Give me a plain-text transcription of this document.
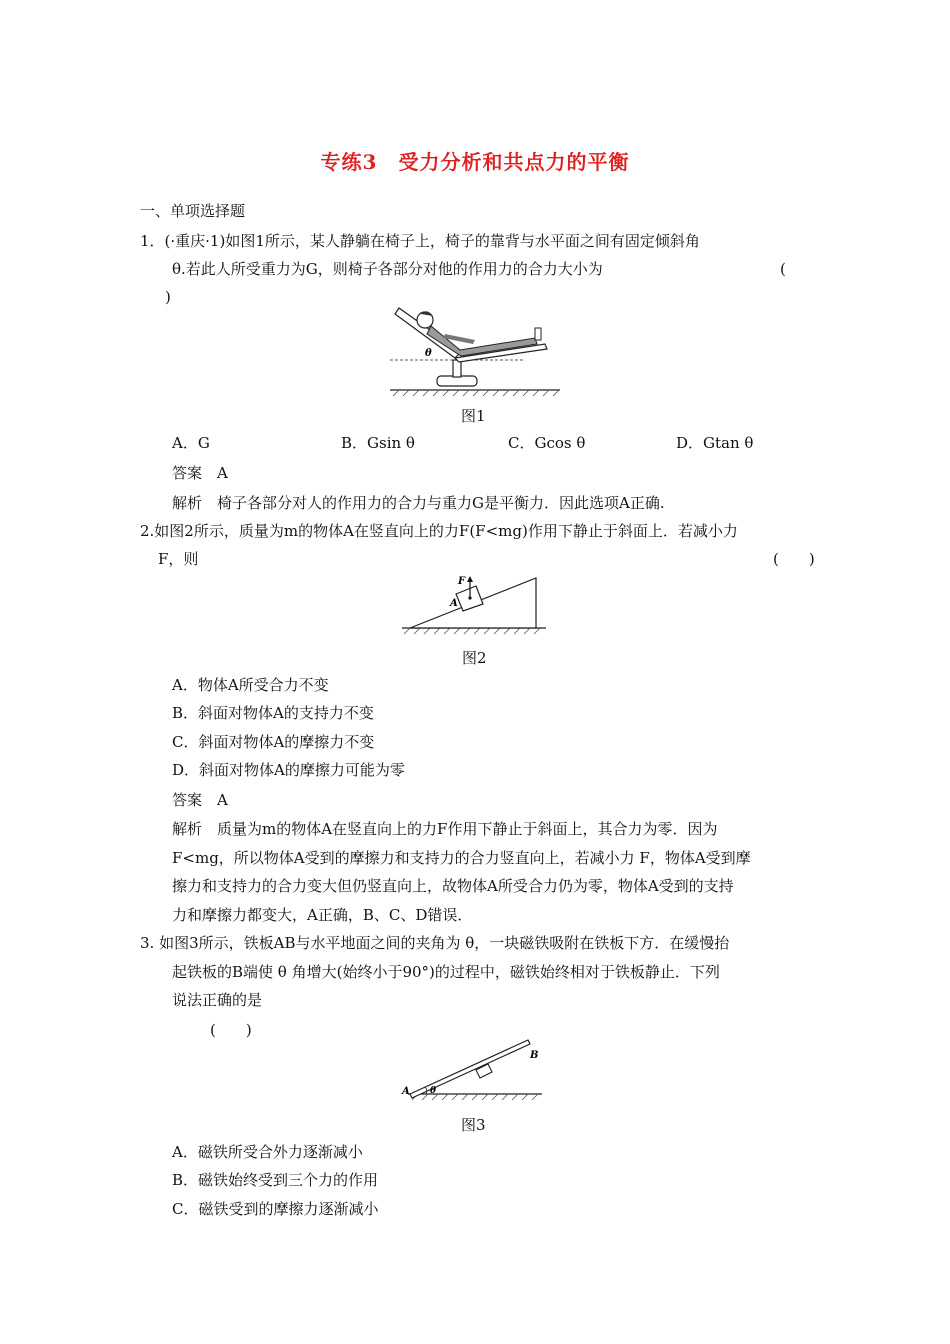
专练3　受力分析和共点力的平衡
一、单项选择题
1．(·重庆·1)如图1所示，某人静躺在椅子上，椅子的靠背与水平面之间有固定倾斜角
θ.若此人所受重力为G，则椅子各部分对他的作用力的合力大小为	(
)
θ
图1
A．G	B．Gsin θ	C．Gcos θ	D．Gtan θ
答案　A
解析　椅子各部分对人的作用力的合力与重力G是平衡力．因此选项A正确.
2.如图2所示，质量为m的物体A在竖直向上的力F(F<mg)作用下静止于斜面上．若减小力
F，则	(　　)
F
A
图2
A．物体A所受合力不变
B．斜面对物体A的支持力不变
C．斜面对物体A的摩擦力不变
D．斜面对物体A的摩擦力可能为零
答案　A
解析　质量为m的物体A在竖直向上的力F作用下静止于斜面上，其合力为零．因为
F<mg，所以物体A受到的摩擦力和支持力的合力竖直向上，若减小力 F，物体A受到摩
擦力和支持力的合力变大但仍竖直向上，故物体A所受合力仍为零，物体A受到的支持
力和摩擦力都变大，A正确，B、C、D错误．
3. 如图3所示，铁板AB与水平地面之间的夹角为 θ，一块磁铁吸附在铁板下方．在缓慢抬
起铁板的B端使 θ 角增大(始终小于90°)的过程中，磁铁始终相对于铁板静止．下列
说法正确的是
(　　)
A
B
θ
图3
A．磁铁所受合外力逐渐减小
B．磁铁始终受到三个力的作用
C．磁铁受到的摩擦力逐渐减小
